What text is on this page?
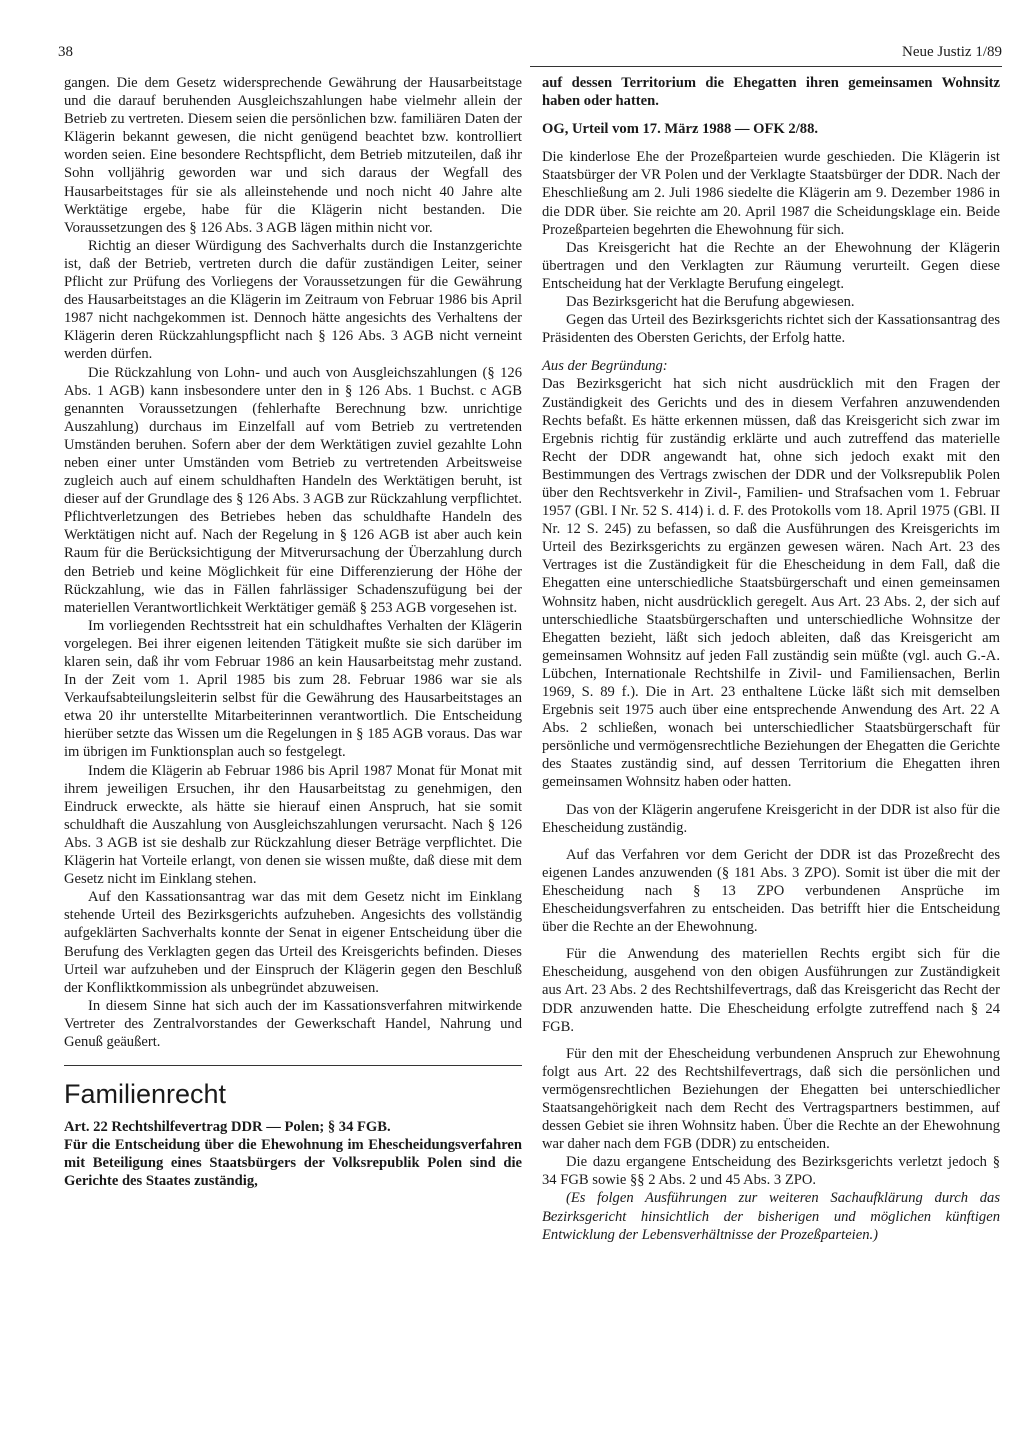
38	Neue Justiz 1/89

gangen. Die dem Gesetz widersprechende Gewährung der Hausarbeitstage und die darauf beruhenden Ausgleichszahlungen habe vielmehr allein der Betrieb zu vertreten. Diesem seien die persönlichen bzw. familiären Daten der Klägerin bekannt gewesen, die nicht genügend beachtet bzw. kontrolliert worden seien. Eine besondere Rechtspflicht, dem Betrieb mitzuteilen, daß ihr Sohn volljährig geworden war und sich daraus der Wegfall des Hausarbeitstages für sie als alleinstehende und noch nicht 40 Jahre alte Werktätige ergebe, habe für die Klägerin nicht bestanden. Die Voraussetzungen des § 126 Abs. 3 AGB lägen mithin nicht vor.

Richtig an dieser Würdigung des Sachverhalts durch die Instanzgerichte ist, daß der Betrieb, vertreten durch die dafür zuständigen Leiter, seiner Pflicht zur Prüfung des Vorliegens der Voraussetzungen für die Gewährung des Hausarbeitstages an die Klägerin im Zeitraum von Februar 1986 bis April 1987 nicht nachgekommen ist. Dennoch hätte angesichts des Verhaltens der Klägerin deren Rückzahlungspflicht nach § 126 Abs. 3 AGB nicht verneint werden dürfen.

Die Rückzahlung von Lohn- und auch von Ausgleichszahlungen (§ 126 Abs. 1 AGB) kann insbesondere unter den in § 126 Abs. 1 Buchst. c AGB genannten Voraussetzungen (fehlerhafte Berechnung bzw. unrichtige Auszahlung) durchaus im Einzelfall auf vom Betrieb zu vertretenden Umständen beruhen. Sofern aber der dem Werktätigen zuviel gezahlte Lohn neben einer unter Umständen vom Betrieb zu vertretenden Arbeitsweise zugleich auch auf einem schuldhaften Handeln des Werktätigen beruht, ist dieser auf der Grundlage des § 126 Abs. 3 AGB zur Rückzahlung verpflichtet. Pflichtverletzungen des Betriebes heben das schuldhafte Handeln des Werktätigen nicht auf. Nach der Regelung in § 126 AGB ist aber auch kein Raum für die Berücksichtigung der Mitverursachung der Überzahlung durch den Betrieb und keine Möglichkeit für eine Differenzierung der Höhe der Rückzahlung, wie das in Fällen fahrlässiger Schadenszufügung bei der materiellen Verantwortlichkeit Werktätiger gemäß § 253 AGB vorgesehen ist.

Im vorliegenden Rechtsstreit hat ein schuldhaftes Verhalten der Klägerin vorgelegen. Bei ihrer eigenen leitenden Tätigkeit mußte sie sich darüber im klaren sein, daß ihr vom Februar 1986 an kein Hausarbeitstag mehr zustand. In der Zeit vom 1. April 1985 bis zum 28. Februar 1986 war sie als Verkaufsabteilungsleiterin selbst für die Gewährung des Hausarbeitstages an etwa 20 ihr unterstellte Mitarbeiterinnen verantwortlich. Die Entscheidung hierüber setzte das Wissen um die Regelungen in § 185 AGB voraus. Das war im übrigen im Funktionsplan auch so festgelegt.

Indem die Klägerin ab Februar 1986 bis April 1987 Monat für Monat mit ihrem jeweiligen Ersuchen, ihr den Hausarbeitstag zu genehmigen, den Eindruck erweckte, als hätte sie hierauf einen Anspruch, hat sie somit schuldhaft die Auszahlung von Ausgleichszahlungen verursacht. Nach § 126 Abs. 3 AGB ist sie deshalb zur Rückzahlung dieser Beträge verpflichtet. Die Klägerin hat Vorteile erlangt, von denen sie wissen mußte, daß diese mit dem Gesetz nicht im Einklang stehen.

Auf den Kassationsantrag war das mit dem Gesetz nicht im Einklang stehende Urteil des Bezirksgerichts aufzuheben. Angesichts des vollständig aufgeklärten Sachverhalts konnte der Senat in eigener Entscheidung über die Berufung des Verklagten gegen das Urteil des Kreisgerichts befinden. Dieses Urteil war aufzuheben und der Einspruch der Klägerin gegen den Beschluß der Konfliktkommission als unbegründet abzuweisen.

In diesem Sinne hat sich auch der im Kassationsverfahren mitwirkende Vertreter des Zentralvorstandes der Gewerkschaft Handel, Nahrung und Genuß geäußert.

Familienrecht

Art. 22 Rechtshilfevertrag DDR — Polen; § 34 FGB.

Für die Entscheidung über die Ehewohnung im Ehescheidungsverfahren mit Beteiligung eines Staatsbürgers der Volksrepublik Polen sind die Gerichte des Staates zuständig,

auf dessen Territorium die Ehegatten ihren gemeinsamen Wohnsitz haben oder hatten.

OG, Urteil vom 17. März 1988 — OFK 2/88.

Die kinderlose Ehe der Prozeßparteien wurde geschieden. Die Klägerin ist Staatsbürger der VR Polen und der Verklagte Staatsbürger der DDR. Nach der Eheschließung am 2. Juli 1986 siedelte die Klägerin am 9. Dezember 1986 in die DDR über. Sie reichte am 20. April 1987 die Scheidungsklage ein. Beide Prozeßparteien begehrten die Ehewohnung für sich.

Das Kreisgericht hat die Rechte an der Ehewohnung der Klägerin übertragen und den Verklagten zur Räumung verurteilt. Gegen diese Entscheidung hat der Verklagte Berufung eingelegt.

Das Bezirksgericht hat die Berufung abgewiesen.

Gegen das Urteil des Bezirksgerichts richtet sich der Kassationsantrag des Präsidenten des Obersten Gerichts, der Erfolg hatte.

Aus der Begründung:

Das Bezirksgericht hat sich nicht ausdrücklich mit den Fragen der Zuständigkeit des Gerichts und des in diesem Verfahren anzuwendenden Rechts befaßt. Es hätte erkennen müssen, daß das Kreisgericht sich zwar im Ergebnis richtig für zuständig erklärte und auch zutreffend das materielle Recht der DDR angewandt hat, ohne sich jedoch exakt mit den Bestimmungen des Vertrags zwischen der DDR und der Volksrepublik Polen über den Rechtsverkehr in Zivil-, Familien- und Strafsachen vom 1. Februar 1957 (GBl. I Nr. 52 S. 414) i. d. F. des Protokolls vom 18. April 1975 (GBl. II Nr. 12 S. 245) zu befassen, so daß die Ausführungen des Kreisgerichts im Urteil des Bezirksgerichts zu ergänzen gewesen wären. Nach Art. 23 des Vertrages ist die Zuständigkeit für die Ehescheidung in dem Fall, daß die Ehegatten eine unterschiedliche Staatsbürgerschaft und einen gemeinsamen Wohnsitz haben, nicht ausdrücklich geregelt. Aus Art. 23 Abs. 2, der sich auf unterschiedliche Staatsbürgerschaften und unterschiedliche Wohnsitze der Ehegatten bezieht, läßt sich jedoch ableiten, daß das Kreisgericht am gemeinsamen Wohnsitz auf jeden Fall zuständig sein müßte (vgl. auch G.-A. Lübchen, Internationale Rechtshilfe in Zivil- und Familiensachen, Berlin 1969, S. 89 f.). Die in Art. 23 enthaltene Lücke läßt sich mit demselben Ergebnis seit 1975 auch über eine entsprechende Anwendung des Art. 22 A Abs. 2 schließen, wonach bei unterschiedlicher Staatsbürgerschaft für persönliche und vermögensrechtliche Beziehungen der Ehegatten die Gerichte des Staates zuständig sind, auf dessen Territorium die Ehegatten ihren gemeinsamen Wohnsitz haben oder hatten.

Das von der Klägerin angerufene Kreisgericht in der DDR ist also für die Ehescheidung zuständig.

Auf das Verfahren vor dem Gericht der DDR ist das Prozeßrecht des eigenen Landes anzuwenden (§ 181 Abs. 3 ZPO). Somit ist über die mit der Ehescheidung nach § 13 ZPO verbundenen Ansprüche im Ehescheidungsverfahren zu entscheiden. Das betrifft hier die Entscheidung über die Rechte an der Ehewohnung.

Für die Anwendung des materiellen Rechts ergibt sich für die Ehescheidung, ausgehend von den obigen Ausführungen zur Zuständigkeit aus Art. 23 Abs. 2 des Rechtshilfevertrags, daß das Kreisgericht das Recht der DDR anzuwenden hatte. Die Ehescheidung erfolgte zutreffend nach § 24 FGB.

Für den mit der Ehescheidung verbundenen Anspruch zur Ehewohnung folgt aus Art. 22 des Rechtshilfevertrags, daß sich die persönlichen und vermögensrechtlichen Beziehungen der Ehegatten bei unterschiedlicher Staatsangehörigkeit nach dem Recht des Vertragspartners bestimmen, auf dessen Gebiet sie ihren Wohnsitz haben. Über die Rechte an der Ehewohnung war daher nach dem FGB (DDR) zu entscheiden.

Die dazu ergangene Entscheidung des Bezirksgerichts verletzt jedoch § 34 FGB sowie §§ 2 Abs. 2 und 45 Abs. 3 ZPO.

(Es folgen Ausführungen zur weiteren Sachaufklärung durch das Bezirksgericht hinsichtlich der bisherigen und möglichen künftigen Entwicklung der Lebensverhältnisse der Prozeßparteien.)
